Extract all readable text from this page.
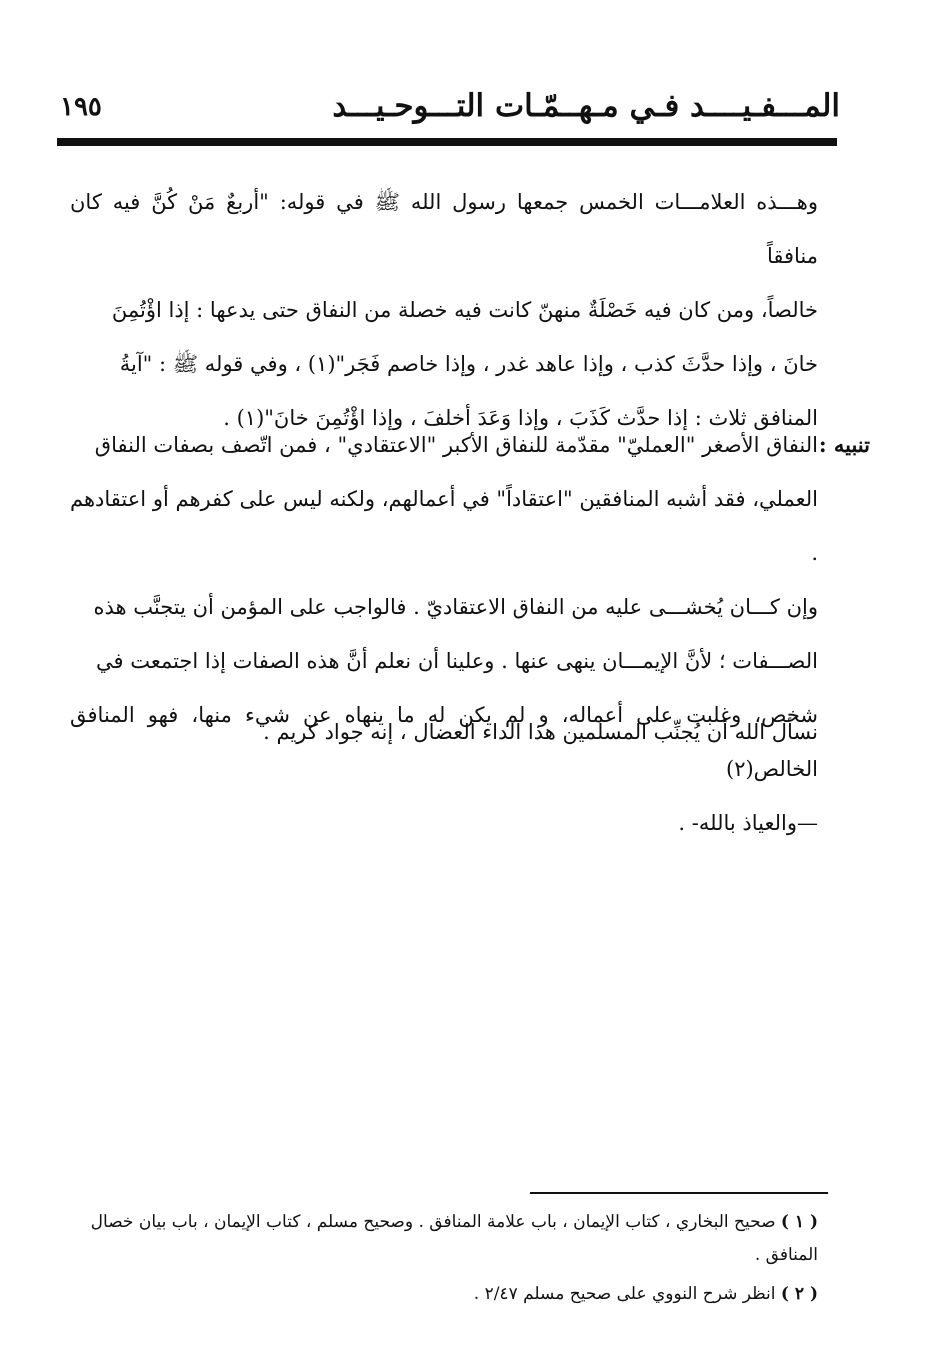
المـــفـيــــد فـي مـهــمّـات التـــوحـيـــد
١٩٥

وهـــذه العلامـــات الخمس جمعها رسول الله ﷺ في قوله: "أربعٌ مَنْ كُنَّ فيه كان منافقاً

خالصاً، ومن كان فيه خَصْلَةٌ منهنّ كانت فيه خصلة من النفاق حتى يدعها : إذا اؤْتُمِنَ

خانَ ، وإذا حدَّثَ كذب ، وإذا عاهد غدر ، وإذا خاصم فَجَر"(١) ، وفي قوله ﷺ : "آيةُ

المنافق ثلاث : إذا حدَّث كَذَبَ ، وإذا وَعَدَ أخلفَ ، وإذا اؤْتُمِنَ خانَ"(١) .

تنبيه :

النفاق الأصغر "العمليّ" مقدّمة للنفاق الأكبر "الاعتقادي" ، فمن اتّصف بصفات النفاق

العملي، فقد أشبه المنافقين "اعتقاداً" في أعمالهم، ولكنه ليس على كفرهم أو اعتقادهم .

وإن كـــان يُخشـــى عليه من النفاق الاعتقاديّ . فالواجب على المؤمن أن يتجنَّب هذه

الصـــفات ؛ لأنَّ الإيمـــان ينهى عنها . وعلينا أن نعلم أنَّ هذه الصفات إذا اجتمعت في

شخص، وغلبت على أعماله، و لم يكن له ما ينهاه عن شيء منها، فهو المنافق الخالص(٢)

—والعياذ بالله- .

نسأل الله أن يُجنِّب المسلمين هذا الداء العضال ، إنه جواد كريم .

( ١ ) صحيح البخاري ، كتاب الإيمان ، باب علامة المنافق . وصحيح مسلم ، كتاب الإيمان ، باب بيان خصال المنافق .

( ٢ ) انظر شرح النووي على صحيح مسلم ٢/٤٧ .
